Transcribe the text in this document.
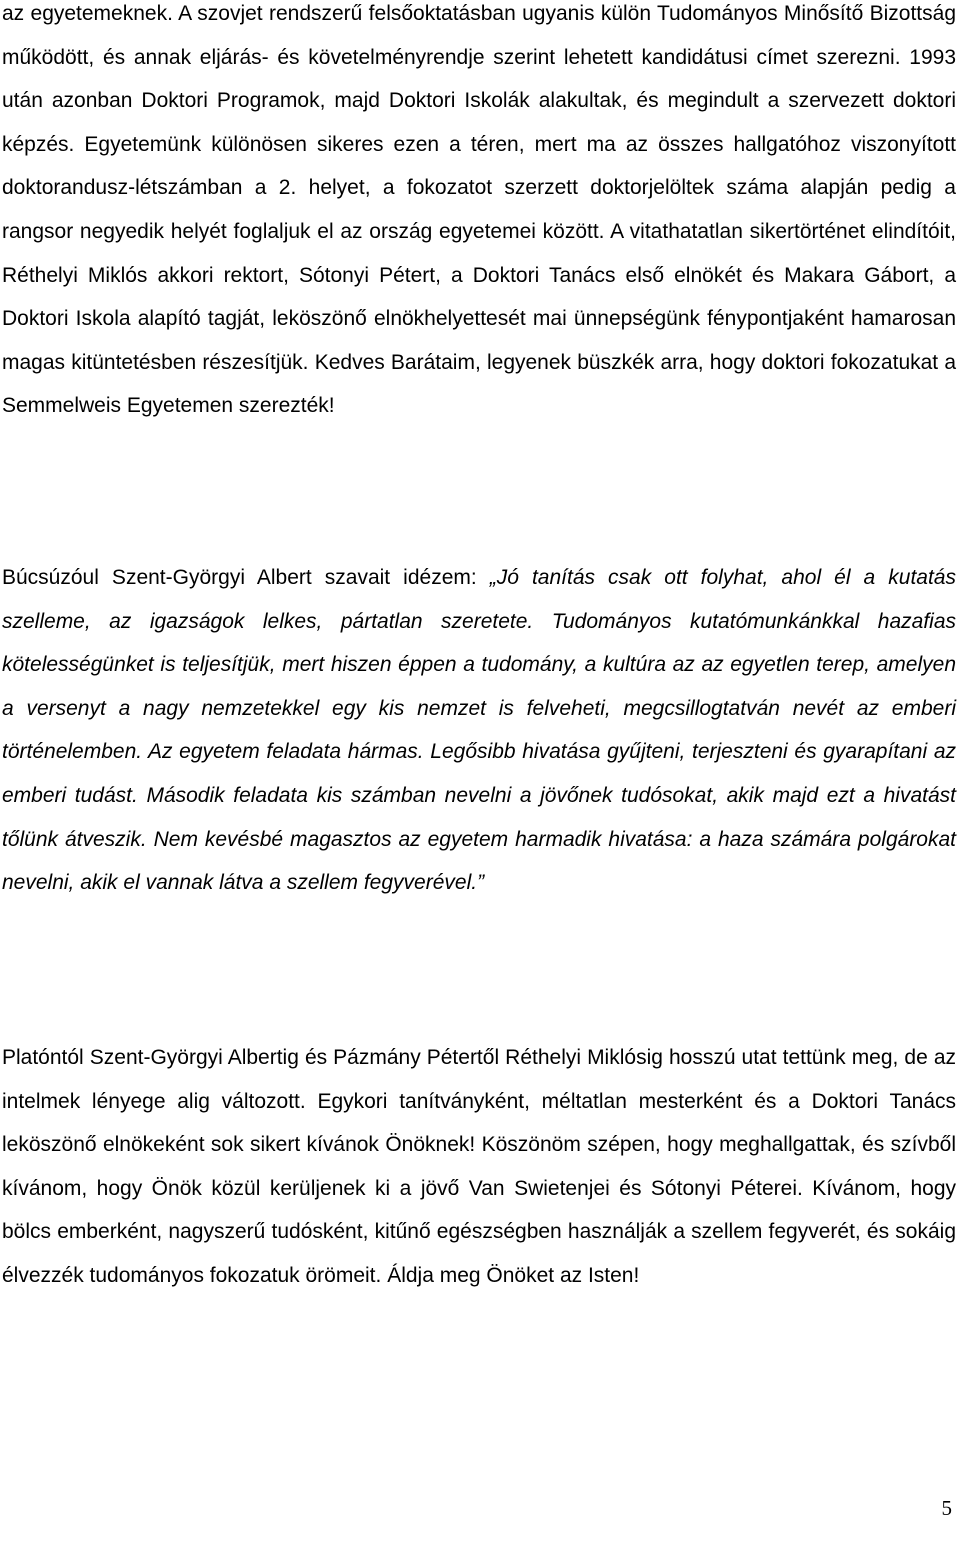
az egyetemeknek. A szovjet rendszerű felsőoktatásban ugyanis külön Tudományos Minősítő Bizottság működött, és annak eljárás- és követelményrendje szerint lehetett kandidátusi címet szerezni. 1993 után azonban Doktori Programok, majd Doktori Iskolák alakultak, és megindult a szervezett doktori képzés. Egyetemünk különösen sikeres ezen a téren, mert ma az összes hallgatóhoz viszonyított doktorandusz-létszámban a 2. helyet, a fokozatot szerzett doktorjelöltek száma alapján pedig a rangsor negyedik helyét foglaljuk el az ország egyetemei között. A vitathatatlan sikertörténet elindítóit, Réthelyi Miklós akkori rektort, Sótonyi Pétert, a Doktori Tanács első elnökét és Makara Gábort, a Doktori Iskola alapító tagját, leköszönő elnökhelyettesét mai ünnepségünk fénypontjaként hamarosan magas kitüntetésben részesítjük. Kedves Barátaim, legyenek büszkék arra, hogy doktori fokozatukat a Semmelweis Egyetemen szerezték!

Búcsúzóul Szent-Györgyi Albert szavait idézem: „Jó tanítás csak ott folyhat, ahol él a kutatás szelleme, az igazságok lelkes, pártatlan szeretete. Tudományos kutatómunkánkkal hazafias kötelességünket is teljesítjük, mert hiszen éppen a tudomány, a kultúra az az egyetlen terep, amelyen a versenyt a nagy nemzetekkel egy kis nemzet is felveheti, megcsillogtatván nevét az emberi történelemben. Az egyetem feladata hármas. Legősibb hivatása gyűjteni, terjeszteni és gyarapítani az emberi tudást. Második feladata kis számban nevelni a jövőnek tudósokat, akik majd ezt a hivatást tőlünk átveszik. Nem kevésbé magasztos az egyetem harmadik hivatása: a haza számára polgárokat nevelni, akik el vannak látva a szellem fegyverével.”

Platóntól Szent-Györgyi Albertig és Pázmány Pétertől Réthelyi Miklósig hosszú utat tettünk meg, de az intelmek lényege alig változott. Egykori tanítványként, méltatlan mesterként és a Doktori Tanács leköszönő elnökeként sok sikert kívánok Önöknek! Köszönöm szépen, hogy meghallgattak, és szívből kívánom, hogy Önök közül kerüljenek ki a jövő Van Swietenjei és Sótonyi Péterei. Kívánom, hogy bölcs emberként, nagyszerű tudósként, kitűnő egészségben használják a szellem fegyverét, és sokáig élvezzék tudományos fokozatuk örömeit. Áldja meg Önöket az Isten!

5
